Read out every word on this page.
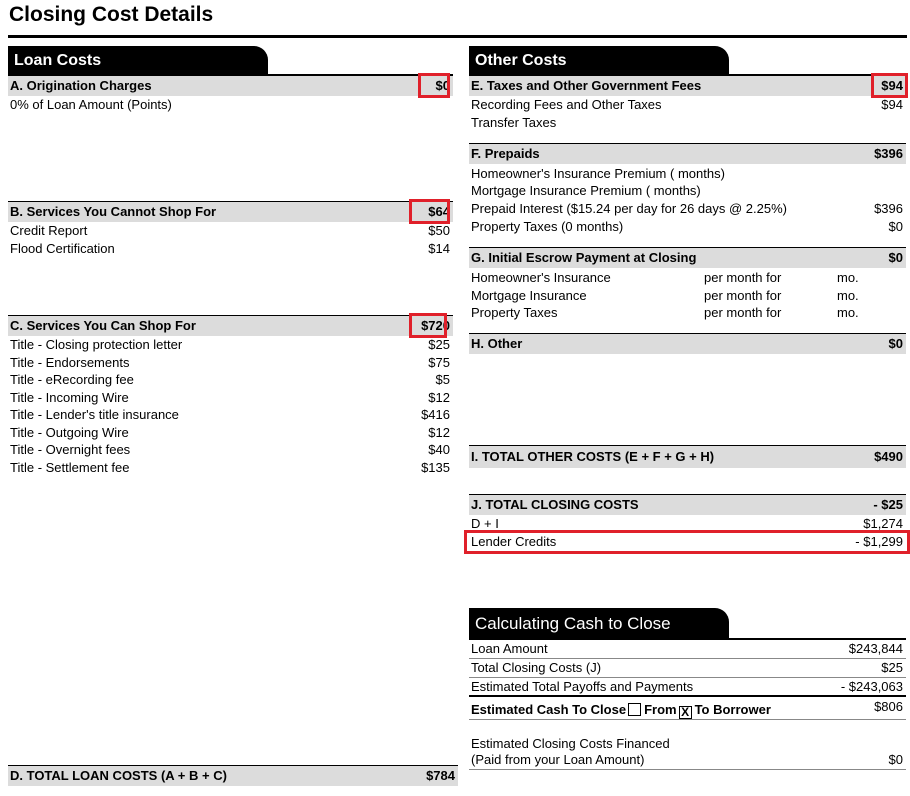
Closing Cost Details
Loan Costs
A. Origination Charges	$0
0% of Loan Amount (Points)
B. Services You Cannot Shop For	$64
Credit Report	$50
Flood Certification	$14
C. Services You Can Shop For	$720
Title - Closing protection letter	$25
Title - Endorsements	$75
Title - eRecording fee	$5
Title - Incoming Wire	$12
Title - Lender's title insurance	$416
Title - Outgoing Wire	$12
Title - Overnight fees	$40
Title - Settlement fee	$135
D. TOTAL LOAN COSTS (A + B + C)	$784
Other Costs
E. Taxes and Other Government Fees	$94
Recording Fees and Other Taxes	$94
Transfer Taxes
F. Prepaids	$396
Homeowner's Insurance Premium ( months)
Mortgage Insurance Premium ( months)
Prepaid Interest ($15.24 per day for 26 days @ 2.25%)	$396
Property Taxes (0 months)	$0
G. Initial Escrow Payment at Closing	$0
Homeowner's Insurance	per month for	mo.
Mortgage Insurance	per month for	mo.
Property Taxes	per month for	mo.
H. Other	$0
I. TOTAL OTHER COSTS (E + F + G + H)	$490
J. TOTAL CLOSING COSTS	- $25
D + I	$1,274
Lender Credits	- $1,299
Calculating Cash to Close
Loan Amount	$243,844
Total Closing Costs (J)	$25
Estimated Total Payoffs and Payments	- $243,063
Estimated Cash To Close From X To Borrower	$806
Estimated Closing Costs Financed
(Paid from your Loan Amount)	$0
